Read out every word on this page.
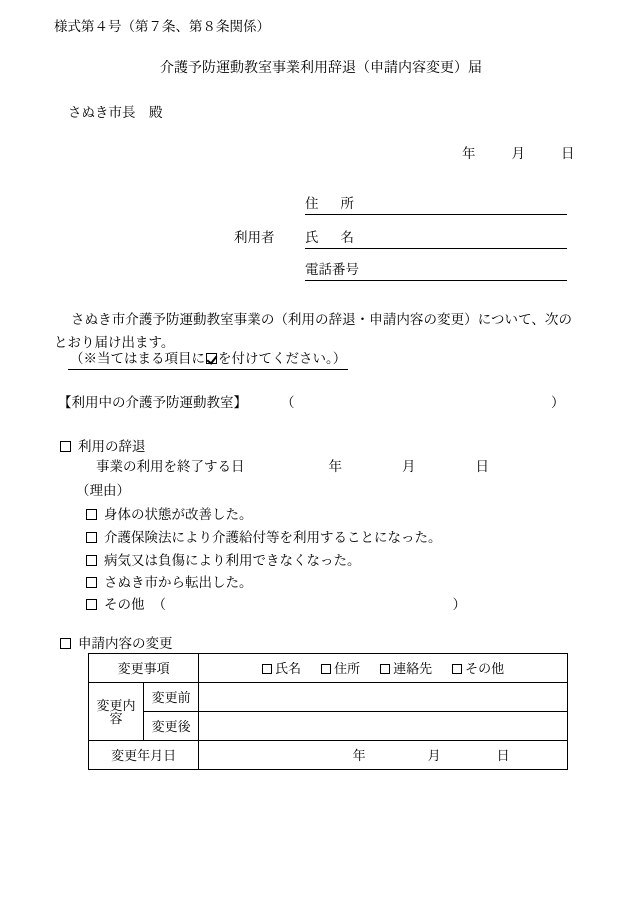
様式第４号（第７条、第８条関係）
介護予防運動教室事業利用辞退（申請内容変更）届
さぬき市長　殿
年	月	日
利用者
住 所
氏 名
電話番号
さぬき市介護予防運動教室事業の（利用の辞退・申請内容の変更）について、次のとおり届け出ます。
（※当てはまる項目に を付けてください。）
【利用中の介護予防運動教室】	（	）
利用の辞退
事業の利用を終了する日	年	月	日
（理由）
身体の状態が改善した。
介護保険法により介護給付等を利用することになった。
病気又は負傷により利用できなくなった。
さぬき市から転出した。
その他 （	）
申請内容の変更
変更事項		氏名 住所 連絡先 その他

変更内容	変更前	
	変更後	
変更年月日		年 月 日
